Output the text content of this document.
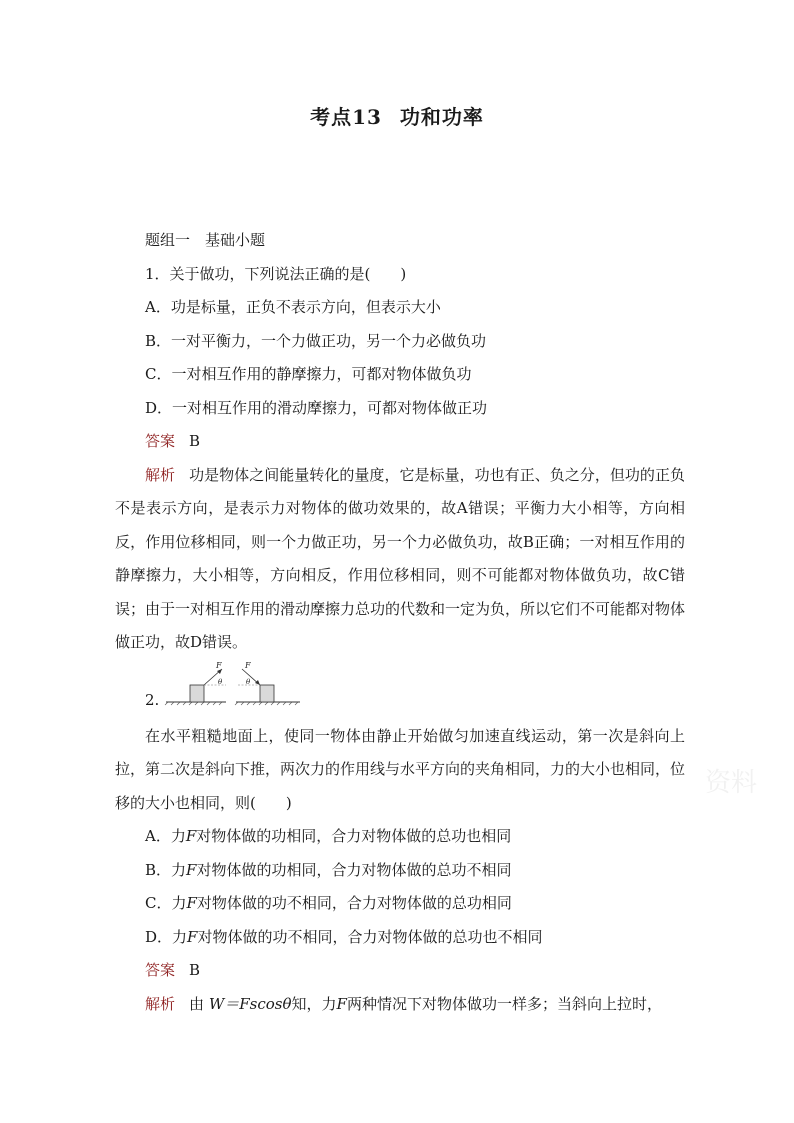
考点13 功和功率
题组一　基础小题
1．关于做功，下列说法正确的是(　　)
A．功是标量，正负不表示方向，但表示大小
B．一对平衡力，一个力做正功，另一个力必做负功
C．一对相互作用的静摩擦力，可都对物体做负功
D．一对相互作用的滑动摩擦力，可都对物体做正功
答案 B
解析 功是物体之间能量转化的量度，它是标量，功也有正、负之分，但功的正负不是表示方向，是表示力对物体的做功效果的，故A错误；平衡力大小相等，方向相反，作用位移相同，则一个力做正功，另一个力必做负功，故B正确；一对相互作用的静摩擦力，大小相等，方向相反，作用位移相同，则不可能都对物体做负功，故C错误；由于一对相互作用的滑动摩擦力总功的代数和一定为负，所以它们不可能都对物体做正功，故D错误。
2.
F
θ
F
θ
在水平粗糙地面上，使同一物体由静止开始做匀加速直线运动，第一次是斜向上拉，第二次是斜向下推，两次力的作用线与水平方向的夹角相同，力的大小也相同，位移的大小也相同，则(　　)
A．力F对物体做的功相同，合力对物体做的总功也相同
B．力F对物体做的功相同，合力对物体做的总功不相同
C．力F对物体做的功不相同，合力对物体做的总功相同
D．力F对物体做的功不相同，合力对物体做的总功也不相同
答案 B
解析 由 W＝Fscosθ知，力F两种情况下对物体做功一样多；当斜向上拉时，
资料
